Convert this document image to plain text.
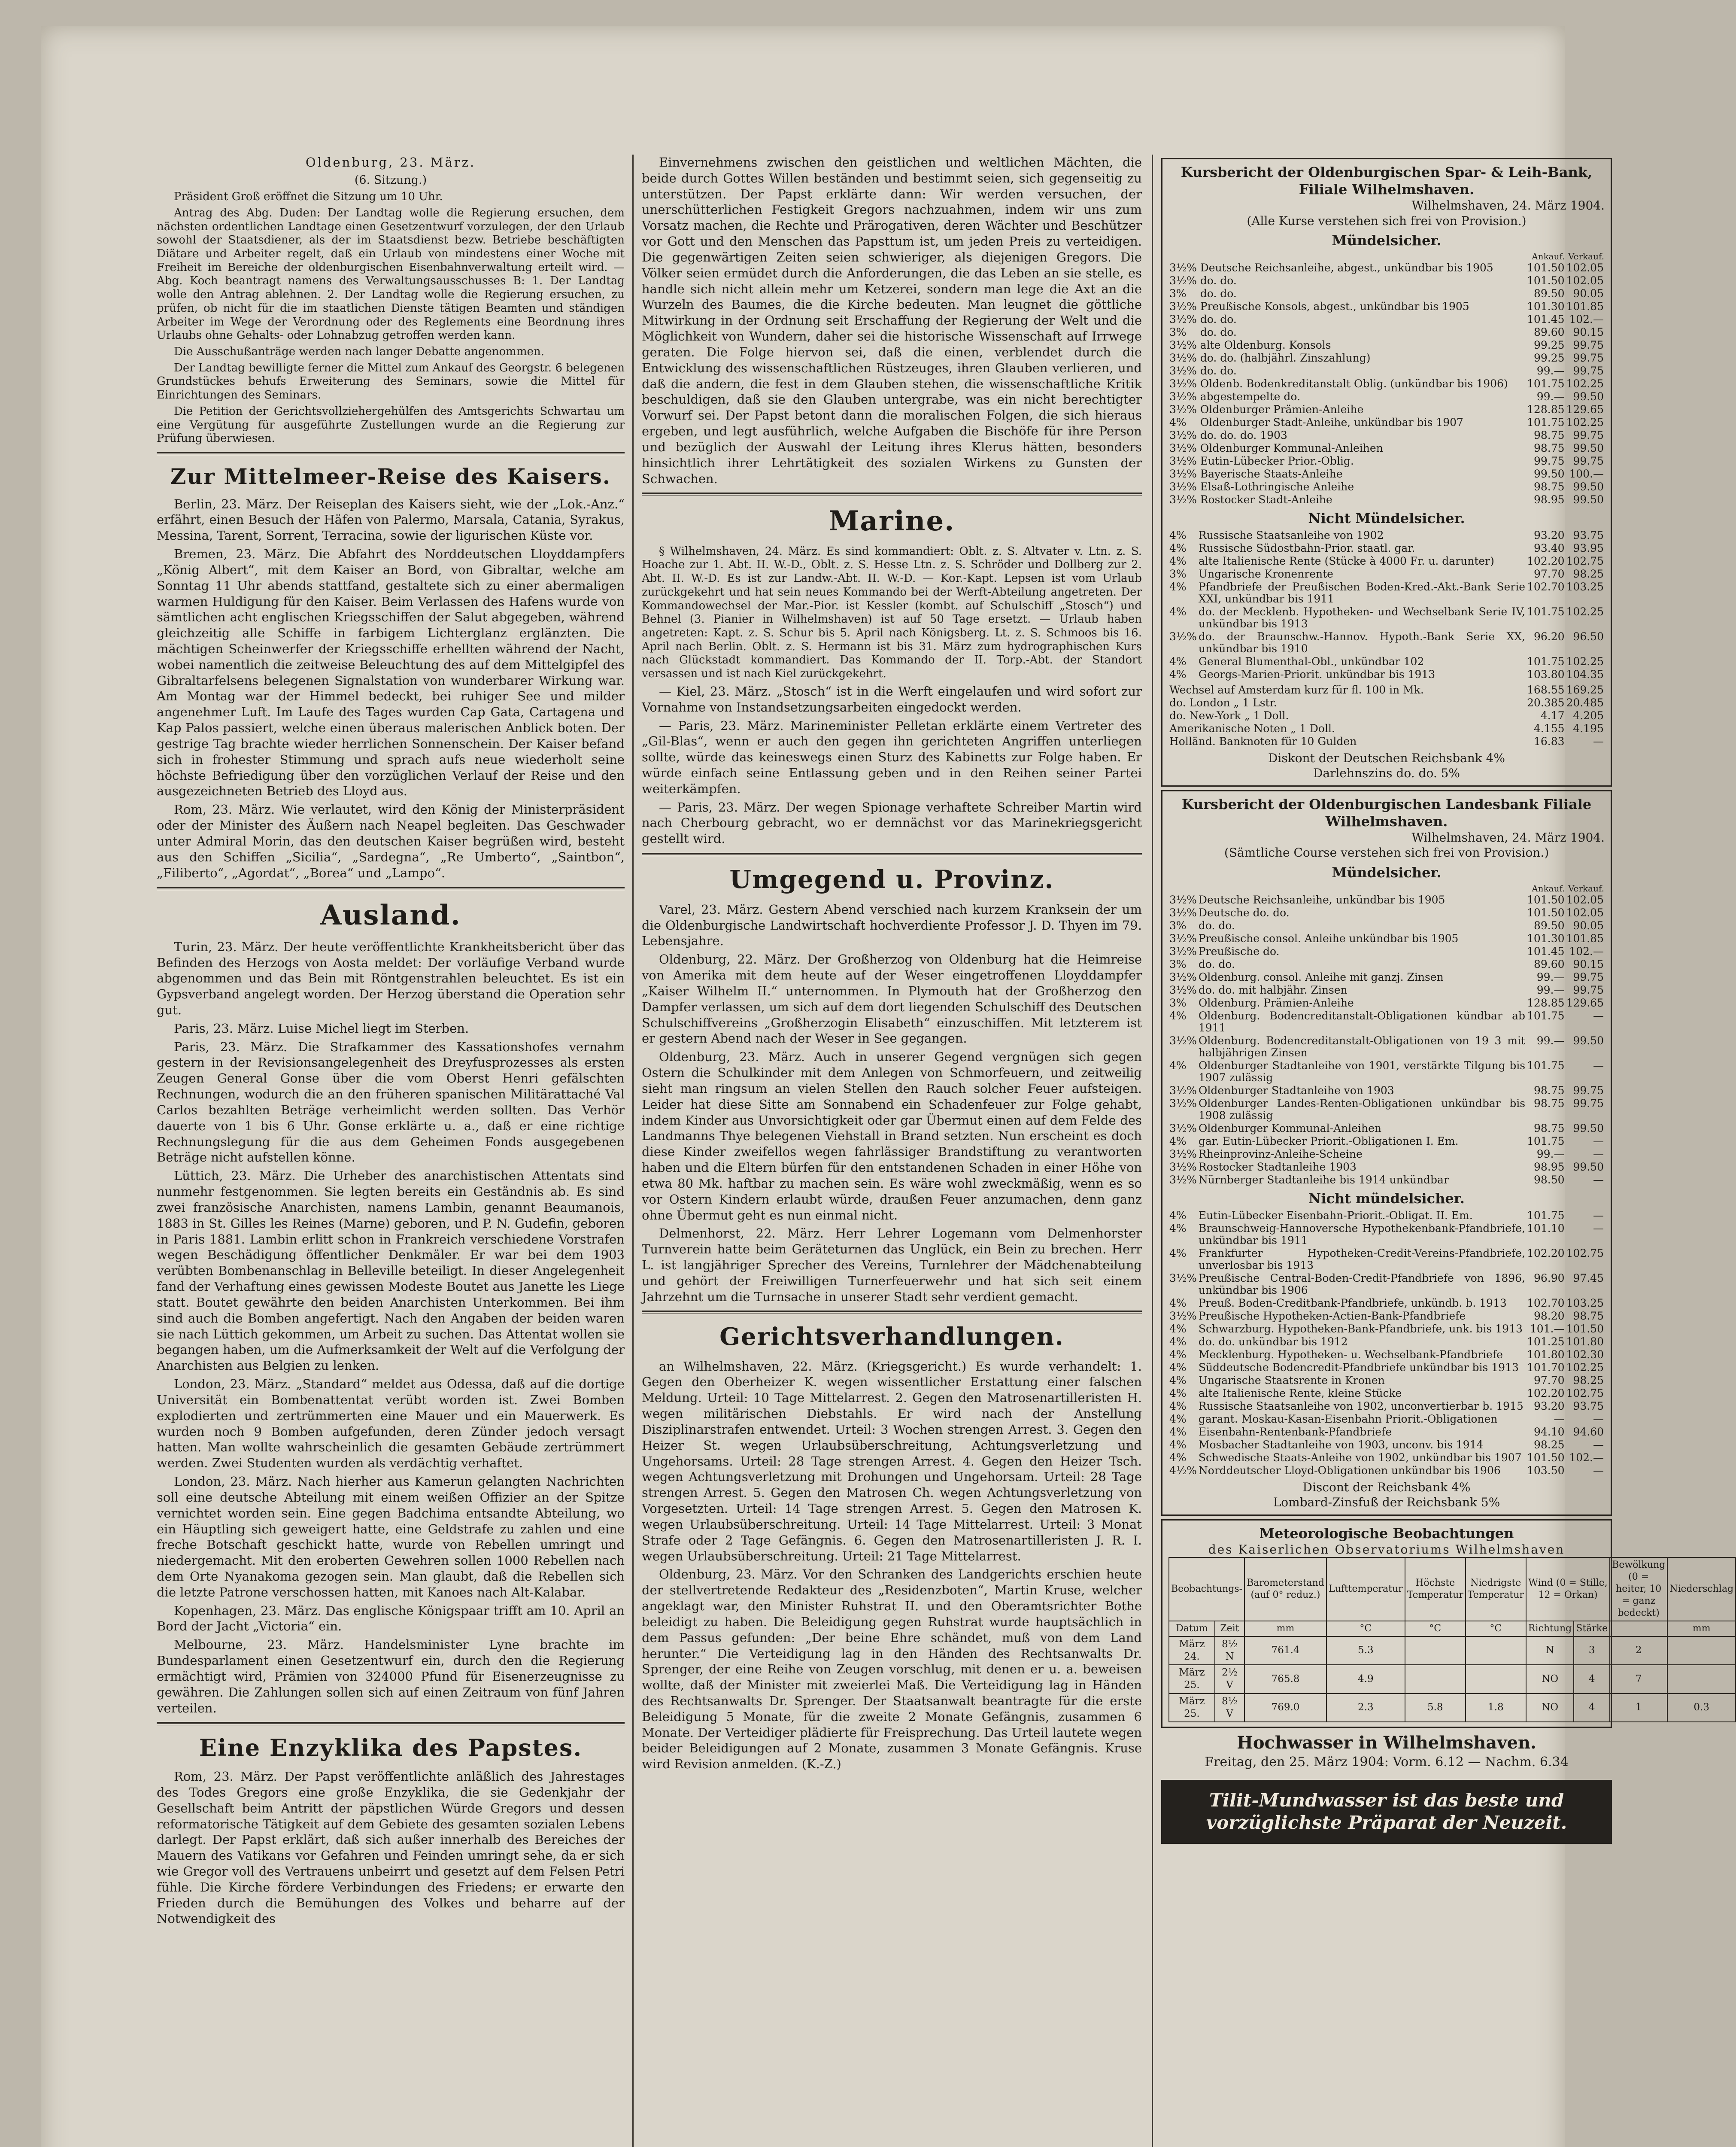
Oldenburg, 23. März.

(6. Sitzung.)

Präsident Groß eröffnet die Sitzung um 10 Uhr.

Antrag des Abg. Duden: Der Landtag wolle die Regierung ersuchen, dem nächsten ordentlichen Landtage einen Gesetzentwurf vorzulegen, der den Urlaub sowohl der Staatsdiener, als der im Staatsdienst bezw. Betriebe beschäftigten Diätare und Arbeiter regelt, daß ein Urlaub von mindestens einer Woche mit Freiheit im Bereiche der oldenburgischen Eisenbahnverwaltung erteilt wird. — Abg. Koch beantragt namens des Verwaltungsausschusses B: 1. Der Landtag wolle den Antrag ablehnen. 2. Der Landtag wolle die Regierung ersuchen, zu prüfen, ob nicht für die im staatlichen Dienste tätigen Beamten und ständigen Arbeiter im Wege der Verordnung oder des Reglements eine Beordnung ihres Urlaubs ohne Gehalts- oder Lohnabzug getroffen werden kann.

Die Ausschußanträge werden nach langer Debatte angenommen.

Der Landtag bewilligte ferner die Mittel zum Ankauf des Georgstr. 6 belegenen Grundstückes behufs Erweiterung des Seminars, sowie die Mittel für Einrichtungen des Seminars.

Die Petition der Gerichtsvollziehergehülfen des Amtsgerichts Schwartau um eine Vergütung für ausgeführte Zustellungen wurde an die Regierung zur Prüfung überwiesen.

Zur Mittelmeer-Reise des Kaisers.

Berlin, 23. März. Der Reiseplan des Kaisers sieht, wie der „Lok.-Anz.“ erfährt, einen Besuch der Häfen von Palermo, Marsala, Catania, Syrakus, Messina, Tarent, Sorrent, Terracina, sowie der ligurischen Küste vor.

Bremen, 23. März. Die Abfahrt des Norddeutschen Lloyddampfers „König Albert“, mit dem Kaiser an Bord, von Gibraltar, welche am Sonntag 11 Uhr abends stattfand, gestaltete sich zu einer abermaligen warmen Huldigung für den Kaiser. Beim Verlassen des Hafens wurde von sämtlichen acht englischen Kriegsschiffen der Salut abgegeben, während gleichzeitig alle Schiffe in farbigem Lichterglanz erglänzten. Die mächtigen Scheinwerfer der Kriegsschiffe erhellten während der Nacht, wobei namentlich die zeitweise Beleuchtung des auf dem Mittelgipfel des Gibraltarfelsens belegenen Signalstation von wunderbarer Wirkung war. Am Montag war der Himmel bedeckt, bei ruhiger See und milder angenehmer Luft. Im Laufe des Tages wurden Cap Gata, Cartagena und Kap Palos passiert, welche einen überaus malerischen Anblick boten. Der gestrige Tag brachte wieder herrlichen Sonnenschein. Der Kaiser befand sich in frohester Stimmung und sprach aufs neue wiederholt seine höchste Befriedigung über den vorzüglichen Verlauf der Reise und den ausgezeichneten Betrieb des Lloyd aus.

Rom, 23. März. Wie verlautet, wird den König der Ministerpräsident oder der Minister des Äußern nach Neapel begleiten. Das Geschwader unter Admiral Morin, das den deutschen Kaiser begrüßen wird, besteht aus den Schiffen „Sicilia“, „Sardegna“, „Re Umberto“, „Saintbon“, „Filiberto“, „Agordat“, „Borea“ und „Lampo“.

Ausland.

Turin, 23. März. Der heute veröffentlichte Krankheitsbericht über das Befinden des Herzogs von Aosta meldet: Der vorläufige Verband wurde abgenommen und das Bein mit Röntgenstrahlen beleuchtet. Es ist ein Gypsverband angelegt worden. Der Herzog überstand die Operation sehr gut.

Paris, 23. März. Luise Michel liegt im Sterben.

Paris, 23. März. Die Strafkammer des Kassationshofes vernahm gestern in der Revisionsangelegenheit des Dreyfusprozesses als ersten Zeugen General Gonse über die vom Oberst Henri gefälschten Rechnungen, wodurch die an den früheren spanischen Militärattaché Val Carlos bezahlten Beträge verheimlicht werden sollten. Das Verhör dauerte von 1 bis 6 Uhr. Gonse erklärte u. a., daß er eine richtige Rechnungslegung für die aus dem Geheimen Fonds ausgegebenen Beträge nicht aufstellen könne.

Lüttich, 23. März. Die Urheber des anarchistischen Attentats sind nunmehr festgenommen. Sie legten bereits ein Geständnis ab. Es sind zwei französische Anarchisten, namens Lambin, genannt Beaumanois, 1883 in St. Gilles les Reines (Marne) geboren, und P. N. Gudefin, geboren in Paris 1881. Lambin erlitt schon in Frankreich verschiedene Vorstrafen wegen Beschädigung öffentlicher Denkmäler. Er war bei dem 1903 verübten Bombenanschlag in Belleville beteiligt. In dieser Angelegenheit fand der Verhaftung eines gewissen Modeste Boutet aus Janette les Liege statt. Boutet gewährte den beiden Anarchisten Unterkommen. Bei ihm sind auch die Bomben angefertigt. Nach den Angaben der beiden waren sie nach Lüttich gekommen, um Arbeit zu suchen. Das Attentat wollen sie begangen haben, um die Aufmerksamkeit der Welt auf die Verfolgung der Anarchisten aus Belgien zu lenken.

London, 23. März. „Standard“ meldet aus Odessa, daß auf die dortige Universität ein Bombenattentat verübt worden ist. Zwei Bomben explodierten und zertrümmerten eine Mauer und ein Mauerwerk. Es wurden noch 9 Bomben aufgefunden, deren Zünder jedoch versagt hatten. Man wollte wahrscheinlich die gesamten Gebäude zertrümmert werden. Zwei Studenten wurden als verdächtig verhaftet.

London, 23. März. Nach hierher aus Kamerun gelangten Nachrichten soll eine deutsche Abteilung mit einem weißen Offizier an der Spitze vernichtet worden sein. Eine gegen Badchima entsandte Abteilung, wo ein Häuptling sich geweigert hatte, eine Geldstrafe zu zahlen und eine freche Botschaft geschickt hatte, wurde von Rebellen umringt und niedergemacht. Mit den eroberten Gewehren sollen 1000 Rebellen nach dem Orte Nyanakoma gezogen sein. Man glaubt, daß die Rebellen sich die letzte Patrone verschossen hatten, mit Kanoes nach Alt-Kalabar.

Kopenhagen, 23. März. Das englische Königspaar trifft am 10. April an Bord der Jacht „Victoria“ ein.

Melbourne, 23. März. Handelsminister Lyne brachte im Bundesparlament einen Gesetzentwurf ein, durch den die Regierung ermächtigt wird, Prämien von 324000 Pfund für Eisenerzeugnisse zu gewähren. Die Zahlungen sollen sich auf einen Zeitraum von fünf Jahren verteilen.

Eine Enzyklika des Papstes.

Rom, 23. März. Der Papst veröffentlichte anläßlich des Jahrestages des Todes Gregors eine große Enzyklika, die sie Gedenkjahr der Gesellschaft beim Antritt der päpstlichen Würde Gregors und dessen reformatorische Tätigkeit auf dem Gebiete des gesamten sozialen Lebens darlegt. Der Papst erklärt, daß sich außer innerhalb des Bereiches der Mauern des Vatikans vor Gefahren und Feinden umringt sehe, da er sich wie Gregor voll des Vertrauens unbeirrt und gesetzt auf dem Felsen Petri fühle. Die Kirche fördere Verbindungen des Friedens; er erwarte den Frieden durch die Bemühungen des Volkes und beharre auf der Notwendigkeit des

Einvernehmens zwischen den geistlichen und weltlichen Mächten, die beide durch Gottes Willen beständen und bestimmt seien, sich gegenseitig zu unterstützen. Der Papst erklärte dann: Wir werden versuchen, der unerschütterlichen Festigkeit Gregors nachzuahmen, indem wir uns zum Vorsatz machen, die Rechte und Prärogativen, deren Wächter und Beschützer vor Gott und den Menschen das Papsttum ist, um jeden Preis zu verteidigen. Die gegenwärtigen Zeiten seien schwieriger, als diejenigen Gregors. Die Völker seien ermüdet durch die Anforderungen, die das Leben an sie stelle, es handle sich nicht allein mehr um Ketzerei, sondern man lege die Axt an die Wurzeln des Baumes, die die Kirche bedeuten. Man leugnet die göttliche Mitwirkung in der Ordnung seit Erschaffung der Regierung der Welt und die Möglichkeit von Wundern, daher sei die historische Wissenschaft auf Irrwege geraten. Die Folge hiervon sei, daß die einen, verblendet durch die Entwicklung des wissenschaftlichen Rüstzeuges, ihren Glauben verlieren, und daß die andern, die fest in dem Glauben stehen, die wissenschaftliche Kritik beschuldigen, daß sie den Glauben untergrabe, was ein nicht berechtigter Vorwurf sei. Der Papst betont dann die moralischen Folgen, die sich hieraus ergeben, und legt ausführlich, welche Aufgaben die Bischöfe für ihre Person und bezüglich der Auswahl der Leitung ihres Klerus hätten, besonders hinsichtlich ihrer Lehrtätigkeit des sozialen Wirkens zu Gunsten der Schwachen.

Marine.

§ Wilhelmshaven, 24. März. Es sind kommandiert: Oblt. z. S. Altvater v. Ltn. z. S. Hoache zur 1. Abt. II. W.-D., Oblt. z. S. Hesse Ltn. z. S. Schröder und Dollberg zur 2. Abt. II. W.-D. Es ist zur Landw.-Abt. II. W.-D. — Kor.-Kapt. Lepsen ist vom Urlaub zurückgekehrt und hat sein neues Kommando bei der Werft-Abteilung angetreten. Der Kommandowechsel der Mar.-Pior. ist Kessler (kombt. auf Schulschiff „Stosch“) und Behnel (3. Pianier in Wilhelmshaven) ist auf 50 Tage ersetzt. — Urlaub haben angetreten: Kapt. z. S. Schur bis 5. April nach Königsberg. Lt. z. S. Schmoos bis 16. April nach Berlin. Oblt. z. S. Hermann ist bis 31. März zum hydrographischen Kurs nach Glückstadt kommandiert. Das Kommando der II. Torp.-Abt. der Standort versassen und ist nach Kiel zurückgekehrt.

— Kiel, 23. März. „Stosch“ ist in die Werft eingelaufen und wird sofort zur Vornahme von Instandsetzungsarbeiten eingedockt werden.

— Paris, 23. März. Marineminister Pelletan erklärte einem Vertreter des „Gil-Blas“, wenn er auch den gegen ihn gerichteten Angriffen unterliegen sollte, würde das keineswegs einen Sturz des Kabinetts zur Folge haben. Er würde einfach seine Entlassung geben und in den Reihen seiner Partei weiterkämpfen.

— Paris, 23. März. Der wegen Spionage verhaftete Schreiber Martin wird nach Cherbourg gebracht, wo er demnächst vor das Marinekriegsgericht gestellt wird.

Umgegend u. Provinz.

Varel, 23. März. Gestern Abend verschied nach kurzem Kranksein der um die Oldenburgische Landwirtschaft hochverdiente Professor J. D. Thyen im 79. Lebensjahre.

Oldenburg, 22. März. Der Großherzog von Oldenburg hat die Heimreise von Amerika mit dem heute auf der Weser eingetroffenen Lloyddampfer „Kaiser Wilhelm II.“ unternommen. In Plymouth hat der Großherzog den Dampfer verlassen, um sich auf dem dort liegenden Schulschiff des Deutschen Schulschiffvereins „Großherzogin Elisabeth“ einzuschiffen. Mit letzterem ist er gestern Abend nach der Weser in See gegangen.

Oldenburg, 23. März. Auch in unserer Gegend vergnügen sich gegen Ostern die Schulkinder mit dem Anlegen von Schmorfeuern, und zeitweilig sieht man ringsum an vielen Stellen den Rauch solcher Feuer aufsteigen. Leider hat diese Sitte am Sonnabend ein Schadenfeuer zur Folge gehabt, indem Kinder aus Unvorsichtigkeit oder gar Übermut einen auf dem Felde des Landmanns Thye belegenen Viehstall in Brand setzten. Nun erscheint es doch diese Kinder zweifellos wegen fahrlässiger Brandstiftung zu verantworten haben und die Eltern bürfen für den entstandenen Schaden in einer Höhe von etwa 80 Mk. haftbar zu machen sein. Es wäre wohl zweckmäßig, wenn es so vor Ostern Kindern erlaubt würde, draußen Feuer anzumachen, denn ganz ohne Übermut geht es nun einmal nicht.

Delmenhorst, 22. März. Herr Lehrer Logemann vom Delmenhorster Turnverein hatte beim Geräteturnen das Unglück, ein Bein zu brechen. Herr L. ist langjähriger Sprecher des Vereins, Turnlehrer der Mädchenabteilung und gehört der Freiwilligen Turnerfeuerwehr und hat sich seit einem Jahrzehnt um die Turnsache in unserer Stadt sehr verdient gemacht.

Gerichtsverhandlungen.

an Wilhelmshaven, 22. März. (Kriegsgericht.) Es wurde verhandelt: 1. Gegen den Oberheizer K. wegen wissentlicher Erstattung einer falschen Meldung. Urteil: 10 Tage Mittelarrest. 2. Gegen den Matrosenartilleristen H. wegen militärischen Diebstahls. Er wird nach der Anstellung Disziplinarstrafen entwendet. Urteil: 3 Wochen strengen Arrest. 3. Gegen den Heizer St. wegen Urlaubsüberschreitung, Achtungsverletzung und Ungehorsams. Urteil: 28 Tage strengen Arrest. 4. Gegen den Heizer Tsch. wegen Achtungsverletzung mit Drohungen und Ungehorsam. Urteil: 28 Tage strengen Arrest. 5. Gegen den Matrosen Ch. wegen Achtungsverletzung von Vorgesetzten. Urteil: 14 Tage strengen Arrest. 5. Gegen den Matrosen K. wegen Urlaubsüberschreitung. Urteil: 14 Tage Mittelarrest. Urteil: 3 Monat Strafe oder 2 Tage Gefängnis. 6. Gegen den Matrosenartilleristen J. R. I. wegen Urlaubsüberschreitung. Urteil: 21 Tage Mittelarrest.

Oldenburg, 23. März. Vor den Schranken des Landgerichts erschien heute der stellvertretende Redakteur des „Residenzboten“, Martin Kruse, welcher angeklagt war, den Minister Ruhstrat II. und den Oberamtsrichter Bothe beleidigt zu haben. Die Beleidigung gegen Ruhstrat wurde hauptsächlich in dem Passus gefunden: „Der beine Ehre schändet, muß von dem Land herunter.“ Die Verteidigung lag in den Händen des Rechtsanwalts Dr. Sprenger, der eine Reihe von Zeugen vorschlug, mit denen er u. a. beweisen wollte, daß der Minister mit zweierlei Maß. Die Verteidigung lag in Händen des Rechtsanwalts Dr. Sprenger. Der Staatsanwalt beantragte für die erste Beleidigung 5 Monate, für die zweite 2 Monate Gefängnis, zusammen 6 Monate. Der Verteidiger plädierte für Freisprechung. Das Urteil lautete wegen beider Beleidigungen auf 2 Monate, zusammen 3 Monate Gefängnis. Kruse wird Revision anmelden. (K.-Z.)

Kursbericht der Oldenburgischen Spar- & Leih-Bank, Filiale Wilhelmshaven.
Wilhelmshaven, 24. März 1904.
(Alle Kurse verstehen sich frei von Provision.)
Mündelsicher.
		Ankauf.	Verkauf.
3½%	Deutsche Reichsanleihe, abgest., unkündbar bis 1905	101.50	102.05
3½%	do. do.	101.50	102.05
3%	do. do.	89.50	90.05
3½%	Preußische Konsols, abgest., unkündbar bis 1905	101.30	101.85
3½%	do. do.	101.45	102.—
3%	do. do.	89.60	90.15
3½%	alte Oldenburg. Konsols	99.25	99.75
3½%	do. do. (halbjährl. Zinszahlung)	99.25	99.75
3½%	do. do.	99.—	99.75
3½%	Oldenb. Bodenkreditanstalt Oblig. (unkündbar bis 1906)	101.75	102.25
3½%	abgestempelte do.	99.—	99.50
3½%	Oldenburger Prämien-Anleihe	128.85	129.65
4%	Oldenburger Stadt-Anleihe, unkündbar bis 1907	101.75	102.25
3½%	do. do. do. 1903	98.75	99.75
3½%	Oldenburger Kommunal-Anleihen	98.75	99.50
3½%	Eutin-Lübecker Prior.-Oblig.	99.75	99.75
3½%	Bayerische Staats-Anleihe	99.50	100.—
3½%	Elsaß-Lothringische Anleihe	98.75	99.50
3½%	Rostocker Stadt-Anleihe	98.95	99.50
Nicht Mündelsicher.
4%	Russische Staatsanleihe von 1902	93.20	93.75
4%	Russische Südostbahn-Prior. staatl. gar.	93.40	93.95
4%	alte Italienische Rente (Stücke à 4000 Fr. u. darunter)	102.20	102.75
3%	Ungarische Kronenrente	97.70	98.25
4%	Pfandbriefe der Preußischen Boden-Kred.-Akt.-Bank Serie XXI, unkündbar bis 1911	102.70	103.25
4%	do. der Mecklenb. Hypotheken- und Wechselbank Serie IV, unkündbar bis 1913	101.75	102.25
3½%	do. der Braunschw.-Hannov. Hypoth.-Bank Serie XX, unkündbar bis 1910	96.20	96.50
4%	General Blumenthal-Obl., unkündbar 102	101.75	102.25
4%	Georgs-Marien-Priorit. unkündbar bis 1913	103.80	104.35
Wechsel auf Amsterdam kurz für fl. 100 in Mk.	168.55	169.25
do. London „ 1 Lstr.	20.385	20.485
do. New-York „ 1 Doll.	4.17	4.205
Amerikanische Noten „ 1 Doll.	4.155	4.195
Holländ. Banknoten für 10 Gulden	16.83	—
Diskont der Deutschen Reichsbank 4%
Darlehnszins do. do. 5%
Kursbericht der Oldenburgischen Landesbank Filiale Wilhelmshaven.
Wilhelmshaven, 24. März 1904.
(Sämtliche Course verstehen sich frei von Provision.)
Mündelsicher.
		Ankauf.	Verkauf.
3½%	Deutsche Reichsanleihe, unkündbar bis 1905	101.50	102.05
3½%	Deutsche do. do.	101.50	102.05
3%	do. do.	89.50	90.05
3½%	Preußische consol. Anleihe unkündbar bis 1905	101.30	101.85
3½%	Preußische do.	101.45	102.—
3%	do. do.	89.60	90.15
3½%	Oldenburg. consol. Anleihe mit ganzj. Zinsen	99.—	99.75
3½%	do. do. mit halbjähr. Zinsen	99.—	99.75
3%	Oldenburg. Prämien-Anleihe	128.85	129.65
4%	Oldenburg. Bodencreditanstalt-Obligationen kündbar ab 1911	101.75	—
3½%	Oldenburg. Bodencreditanstalt-Obligationen von 19 3 mit halbjährigen Zinsen	99.—	99.50
4%	Oldenburger Stadtanleihe von 1901, verstärkte Tilgung bis 1907 zulässig	101.75	—
3½%	Oldenburger Stadtanleihe von 1903	98.75	99.75
3½%	Oldenburger Landes-Renten-Obligationen unkündbar bis 1908 zulässig	98.75	99.75
3½%	Oldenburger Kommunal-Anleihen	98.75	99.50
4%	gar. Eutin-Lübecker Priorit.-Obligationen I. Em.	101.75	—
3½%	Rheinprovinz-Anleihe-Scheine	99.—	—
3½%	Rostocker Stadtanleihe 1903	98.95	99.50
3½%	Nürnberger Stadtanleihe bis 1914 unkündbar	98.50	—
Nicht mündelsicher.
4%	Eutin-Lübecker Eisenbahn-Priorit.-Obligat. II. Em.	101.75	—
4%	Braunschweig-Hannoversche Hypothekenbank-Pfandbriefe, unkündbar bis 1911	101.10	—
4%	Frankfurter Hypotheken-Credit-Vereins-Pfandbriefe, unverlosbar bis 1913	102.20	102.75
3½%	Preußische Central-Boden-Credit-Pfandbriefe von 1896, unkündbar bis 1906	96.90	97.45
4%	Preuß. Boden-Creditbank-Pfandbriefe, unkündb. b. 1913	102.70	103.25
3½%	Preußische Hypotheken-Actien-Bank-Pfandbriefe	98.20	98.75
4%	Schwarzburg. Hypotheken-Bank-Pfandbriefe, unk. bis 1913	101.—	101.50
4%	do. do. unkündbar bis 1912	101.25	101.80
4%	Mecklenburg. Hypotheken- u. Wechselbank-Pfandbriefe	101.80	102.30
4%	Süddeutsche Bodencredit-Pfandbriefe unkündbar bis 1913	101.70	102.25
4%	Ungarische Staatsrente in Kronen	97.70	98.25
4%	alte Italienische Rente, kleine Stücke	102.20	102.75
4%	Russische Staatsanleihe von 1902, unconvertierbar b. 1915	93.20	93.75
4%	garant. Moskau-Kasan-Eisenbahn Priorit.-Obligationen	—	—
4%	Eisenbahn-Rentenbank-Pfandbriefe	94.10	94.60
4%	Mosbacher Stadtanleihe von 1903, unconv. bis 1914	98.25	—
4%	Schwedische Staats-Anleihe von 1902, unkündbar bis 1907	101.50	102.—
4½%	Norddeutscher Lloyd-Obligationen unkündbar bis 1906	103.50	—
Discont der Reichsbank 4%
Lombard-Zinsfuß der Reichsbank 5%
Meteorologische Beobachtungen
des Kaiserlichen Observatoriums Wilhelmshaven
Beobachtungs-		Barometerstand (auf 0° reduz.)	Lufttemperatur	Höchste Temperatur	Niedrigste Temperatur	Wind (0 = Stille, 12 = Orkan)		Bewölkung (0 = heiter, 10 = ganz bedeckt)	Niederschlag
Datum	Zeit	mm	°C	°C	°C	Richtung	Stärke		mm
März 24.	8½ N	761.4	5.3			N	3	2	
März 25.	2½ V	765.8	4.9			NO	4	7	
März 25.	8½ V	769.0	2.3	5.8	1.8	NO	4	1	0.3
Hochwasser in Wilhelmshaven.
Freitag, den 25. März 1904: Vorm. 6.12 — Nachm. 6.34
Tilit-Mundwasser ist das beste und
vorzüglichste Präparat der Neuzeit.
